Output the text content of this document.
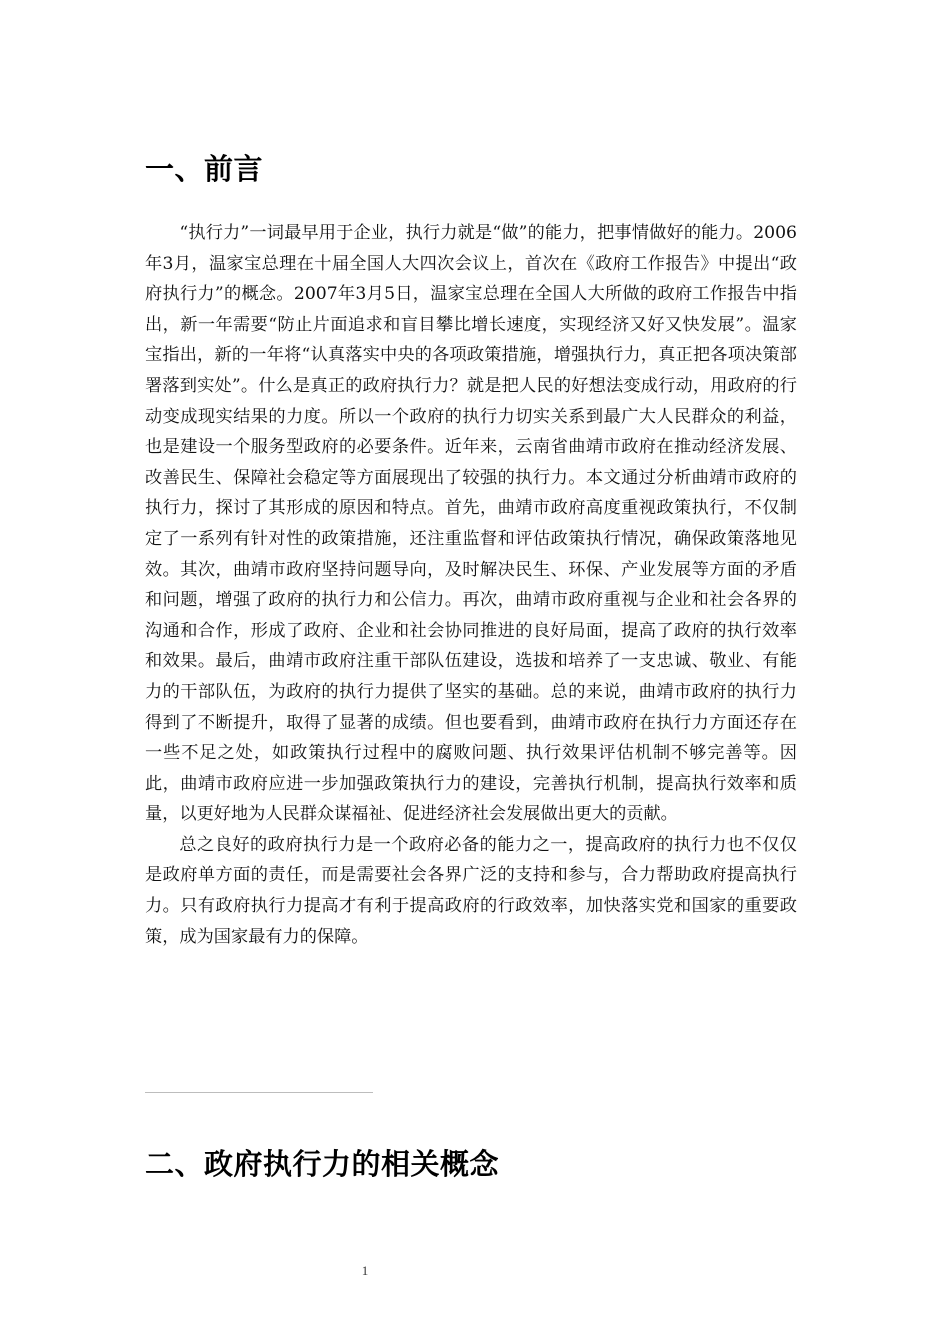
一、前言

“执行力”一词最早用于企业，执行力就是“做”的能力，把事情做好的能力。2006年3月，温家宝总理在十届全国人大四次会议上，首次在《政府工作报告》中提出“政府执行力”的概念。2007年3月5日，温家宝总理在全国人大所做的政府工作报告中指出，新一年需要“防止片面追求和盲目攀比增长速度，实现经济又好又快发展”。温家宝指出，新的一年将“认真落实中央的各项政策措施，增强执行力，真正把各项决策部署落到实处”。什么是真正的政府执行力？就是把人民的好想法变成行动，用政府的行动变成现实结果的力度。所以一个政府的执行力切实关系到最广大人民群众的利益，也是建设一个服务型政府的必要条件。近年来，云南省曲靖市政府在推动经济发展、改善民生、保障社会稳定等方面展现出了较强的执行力。本文通过分析曲靖市政府的执行力，探讨了其形成的原因和特点。首先，曲靖市政府高度重视政策执行，不仅制定了一系列有针对性的政策措施，还注重监督和评估政策执行情况，确保政策落地见效。其次，曲靖市政府坚持问题导向，及时解决民生、环保、产业发展等方面的矛盾和问题，增强了政府的执行力和公信力。再次，曲靖市政府重视与企业和社会各界的沟通和合作，形成了政府、企业和社会协同推进的良好局面，提高了政府的执行效率和效果。最后，曲靖市政府注重干部队伍建设，选拔和培养了一支忠诚、敬业、有能力的干部队伍，为政府的执行力提供了坚实的基础。总的来说，曲靖市政府的执行力得到了不断提升，取得了显著的成绩。但也要看到，曲靖市政府在执行力方面还存在一些不足之处，如政策执行过程中的腐败问题、执行效果评估机制不够完善等。因此，曲靖市政府应进一步加强政策执行力的建设，完善执行机制，提高执行效率和质量，以更好地为人民群众谋福祉、促进经济社会发展做出更大的贡献。

总之良好的政府执行力是一个政府必备的能力之一，提高政府的执行力也不仅仅是政府单方面的责任，而是需要社会各界广泛的支持和参与，合力帮助政府提高执行力。只有政府执行力提高才有利于提高政府的行政效率，加快落实党和国家的重要政策，成为国家最有力的保障。

二、政府执行力的相关概念
1
